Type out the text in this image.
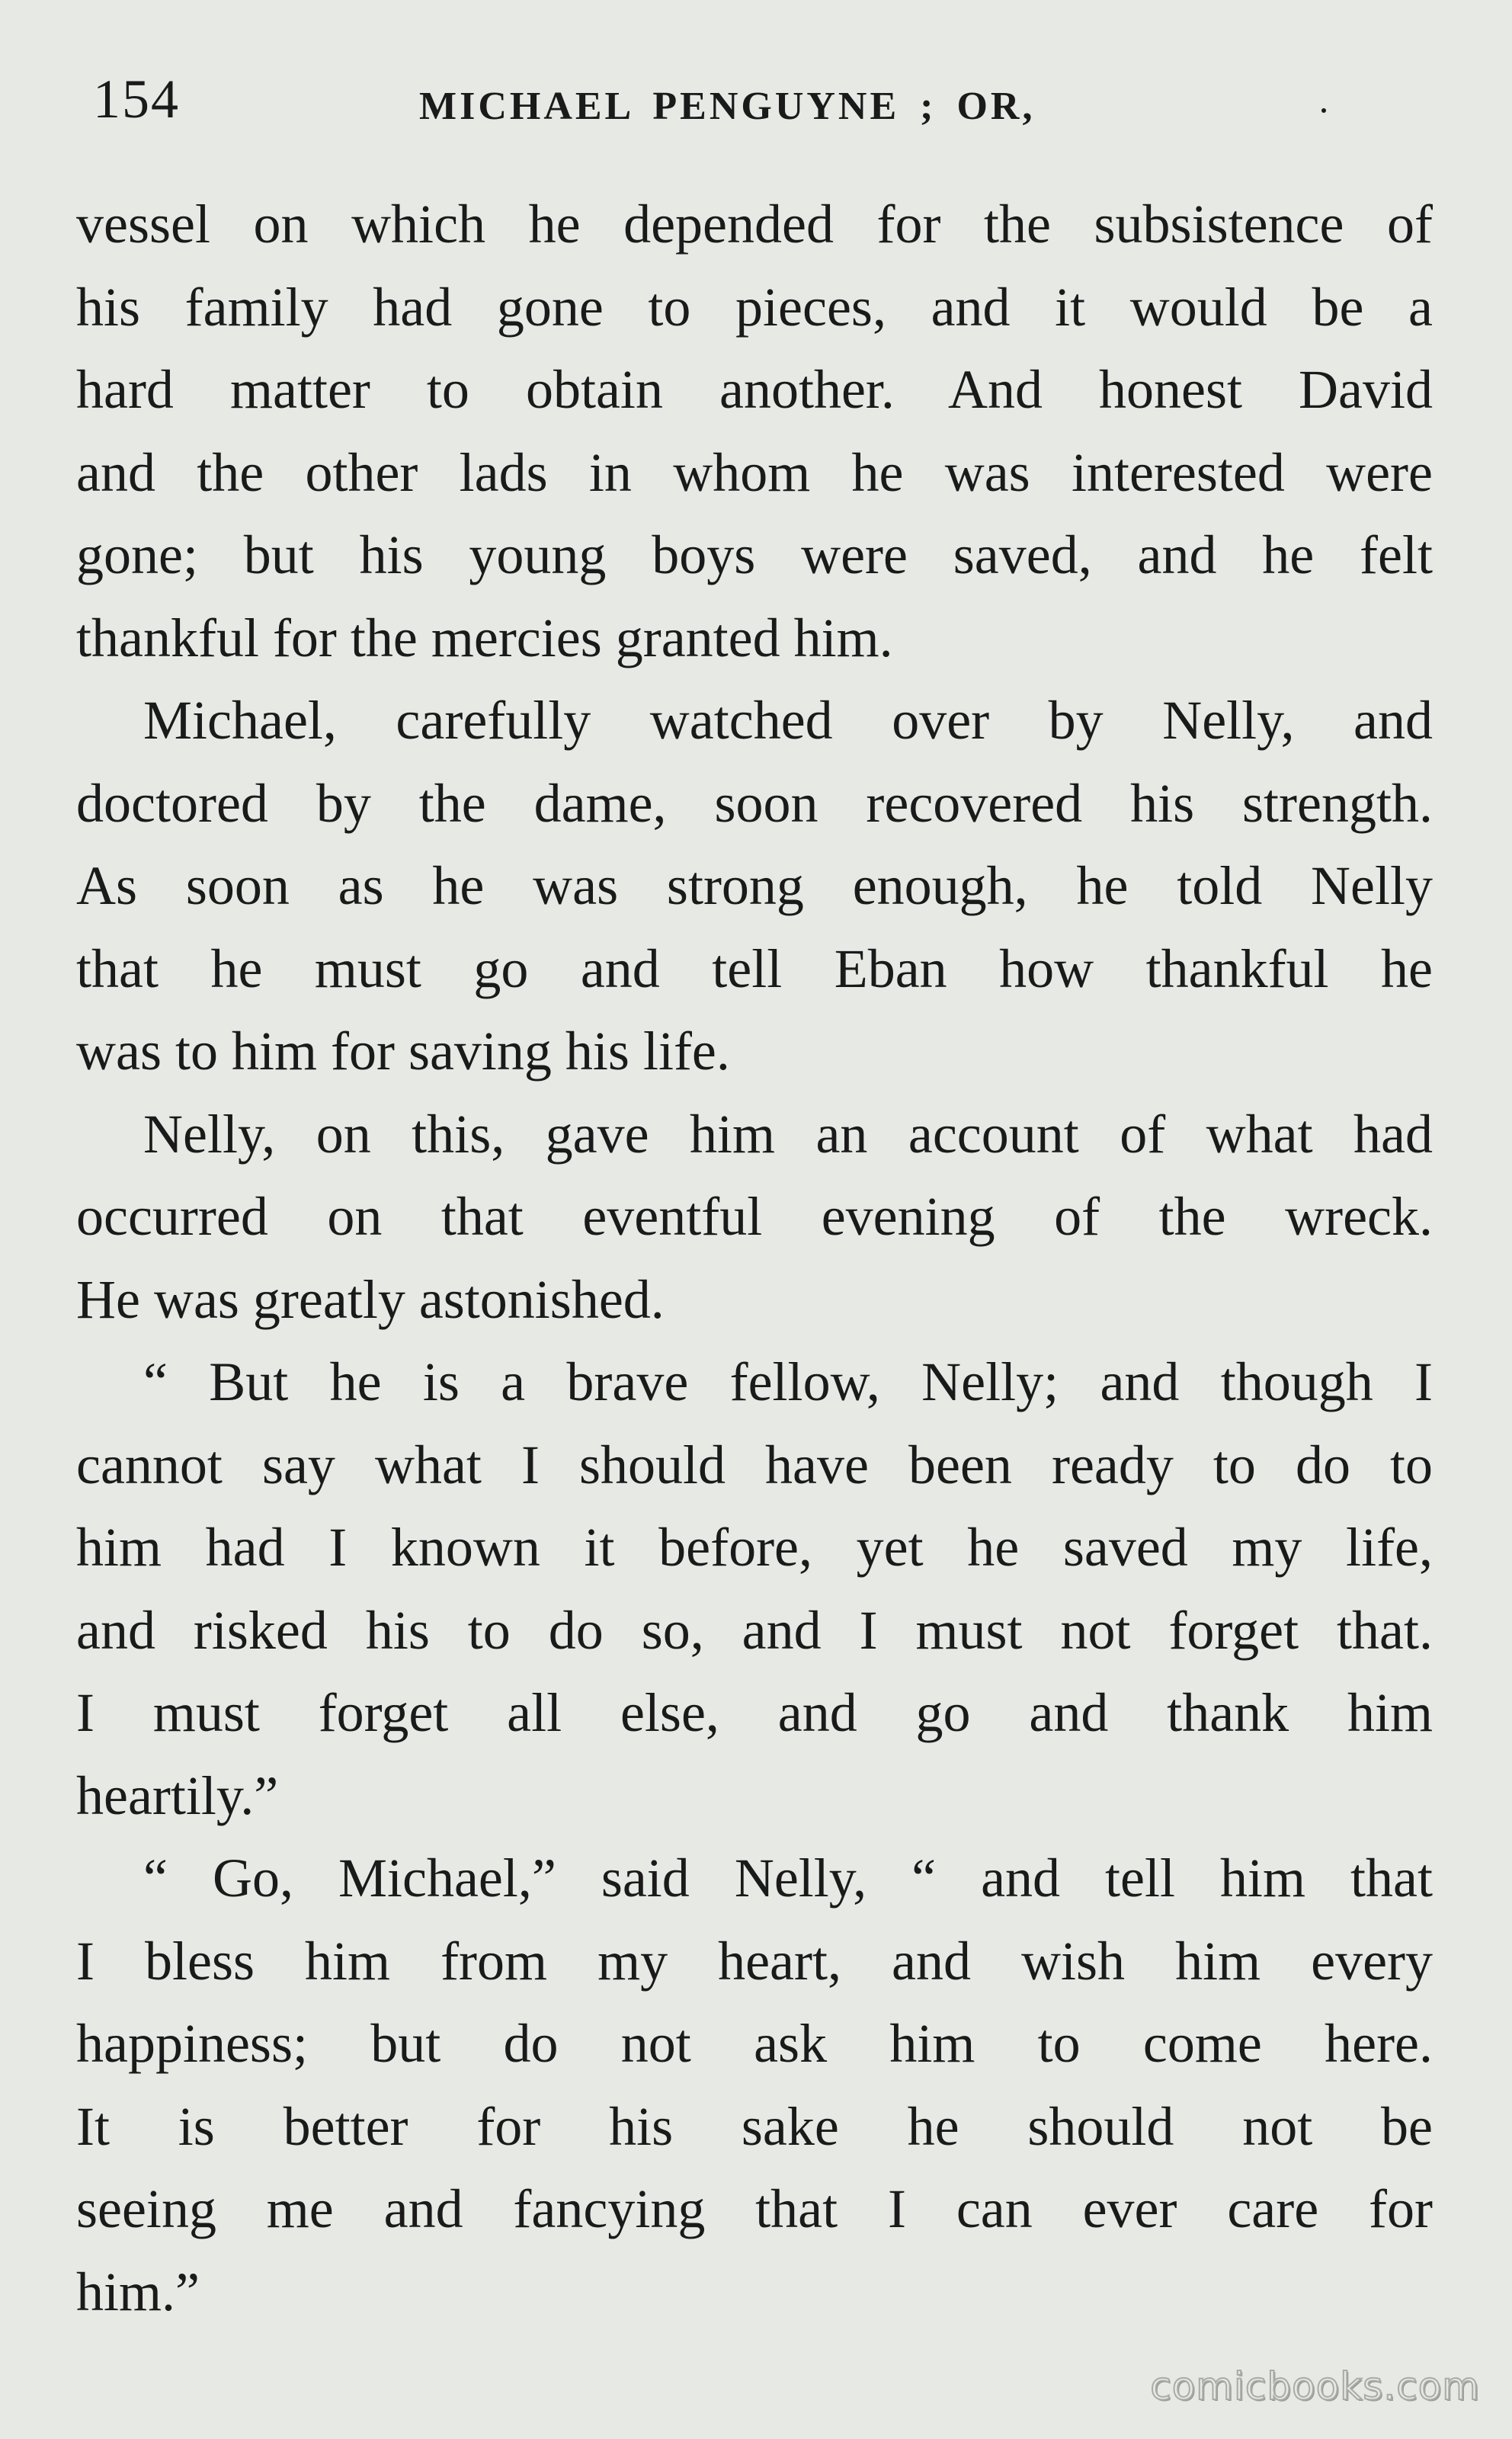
154	MICHAEL PENGUYNE ; OR,
vessel on which he depended for the subsistence of
his family had gone to pieces, and it would be a
hard matter to obtain another. And honest David
and the other lads in whom he was interested were
gone; but his young boys were saved, and he felt
thankful for the mercies granted him.
Michael, carefully watched over by Nelly, and
doctored by the dame, soon recovered his strength.
As soon as he was strong enough, he told Nelly
that he must go and tell Eban how thankful he
was to him for saving his life.
Nelly, on this, gave him an account of what had
occurred on that eventful evening of the wreck.
He was greatly astonished.
“ But he is a brave fellow, Nelly; and though I
cannot say what I should have been ready to do to
him had I known it before, yet he saved my life,
and risked his to do so, and I must not forget that.
I must forget all else, and go and thank him
heartily.”
“ Go, Michael,” said Nelly, “ and tell him that
I bless him from my heart, and wish him every
happiness; but do not ask him to come here.
It is better for his sake he should not be
seeing me and fancying that I can ever care for
him.”
comicbooks.com
